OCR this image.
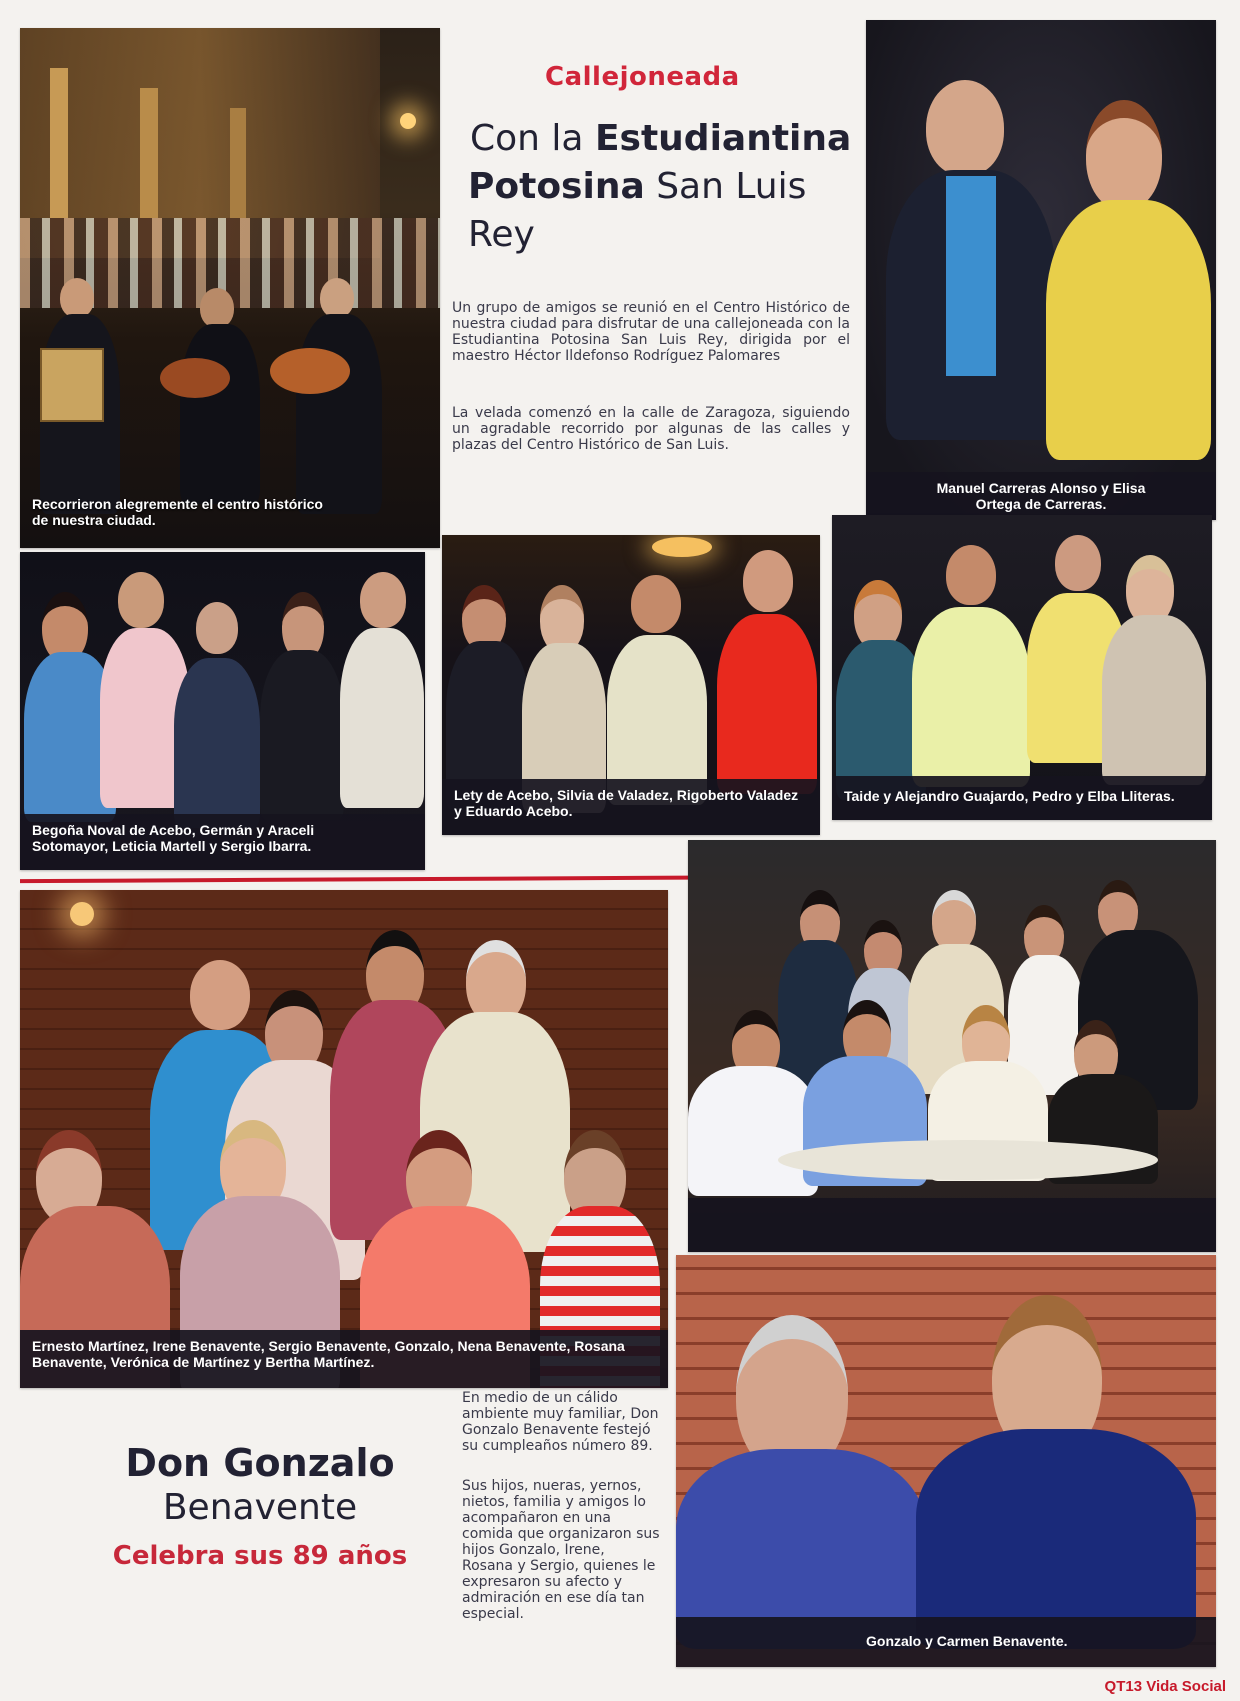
Recorrieron alegremente el centro histórico de nuestra ciudad.
Callejoneada
Con la Estudiantina
Potosina San Luis Rey
Un grupo de amigos se reunió en el Centro Histórico de nuestra ciudad para disfrutar de una callejoneada con la Estudiantina Potosina San Luis Rey, dirigida por el maestro Héctor Ildefonso Rodríguez Palomares
La velada comenzó en la calle de Zaragoza, siguiendo un agradable recorrido por algunas de las calles y plazas del Centro Histórico de San Luis.
Manuel Carreras Alonso y Elisa Ortega de Carreras.
Begoña Noval de Acebo, Germán y Araceli Sotomayor, Leticia Martell y Sergio Ibarra.
Lety de Acebo, Silvia de Valadez, Rigoberto Valadez y Eduardo Acebo.
Taide y Alejandro Guajardo, Pedro y Elba Lliteras.
Ernesto Martínez, Irene Benavente, Sergio Benavente, Gonzalo, Nena Benavente, Rosana Benavente, Verónica de Martínez y Bertha Martínez.
Don Gonzalo
Benavente
Celebra sus 89 años
En medio de un cálido ambiente muy familiar, Don Gonzalo Benavente festejó su cumpleaños número 89.
Sus hijos, nueras, yernos, nietos, familia y amigos lo acompañaron en una comida que organizaron sus hijos Gonzalo, Irene, Rosana y Sergio, quienes le expresaron su afecto y admiración en ese día tan especial.
Gonzalo y Carmen Benavente.
QT13 Vida Social
